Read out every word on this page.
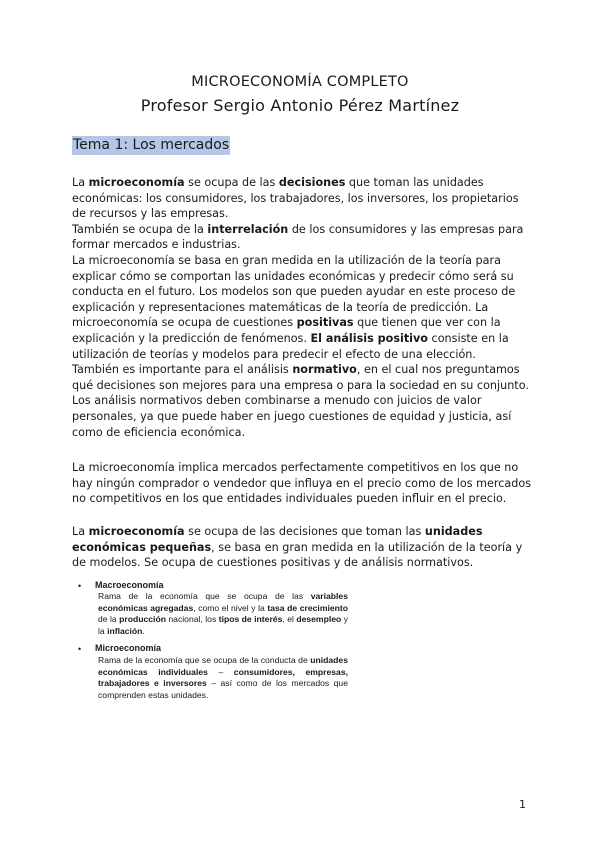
MICROECONOMÍA COMPLETO
Profesor Sergio Antonio Pérez Martínez
Tema 1: Los mercados

La microeconomía se ocupa de las decisiones que toman las unidades económicas: los consumidores, los trabajadores, los inversores, los propietarios de recursos y las empresas.
También se ocupa de la interrelación de los consumidores y las empresas para formar mercados e industrias.
La microeconomía se basa en gran medida en la utilización de la teoría para explicar cómo se comportan las unidades económicas y predecir cómo será su conducta en el futuro. Los modelos son que pueden ayudar en este proceso de explicación y representaciones matemáticas de la teoría de predicción. La microeconomía se ocupa de cuestiones positivas que tienen que ver con la explicación y la predicción de fenómenos. El análisis positivo consiste en la utilización de teorías y modelos para predecir el efecto de una elección.
También es importante para el análisis normativo, en el cual nos preguntamos qué decisiones son mejores para una empresa o para la sociedad en su conjunto. Los análisis normativos deben combinarse a menudo con juicios de valor personales, ya que puede haber en juego cuestiones de equidad y justicia, así como de eficiencia económica.

La microeconomía implica mercados perfectamente competitivos en los que no hay ningún comprador o vendedor que influya en el precio como de los mercados no competitivos en los que entidades individuales pueden influir en el precio.

La microeconomía se ocupa de las decisiones que toman las unidades económicas pequeñas, se basa en gran medida en la utilización de la teoría y de modelos. Se ocupa de cuestiones positivas y de análisis normativos.

• Macroeconomía

Rama de la economía que se ocupa de las variables económicas agregadas, como el nivel y la tasa de crecimiento de la producción nacional, los tipos de interés, el desempleo y la inflación.

• Microeconomía

Rama de la economía que se ocupa de la conducta de unidades económicas individuales – consumidores, empresas, trabajadores e inversores – así como de los mercados que comprenden estas unidades.

1
